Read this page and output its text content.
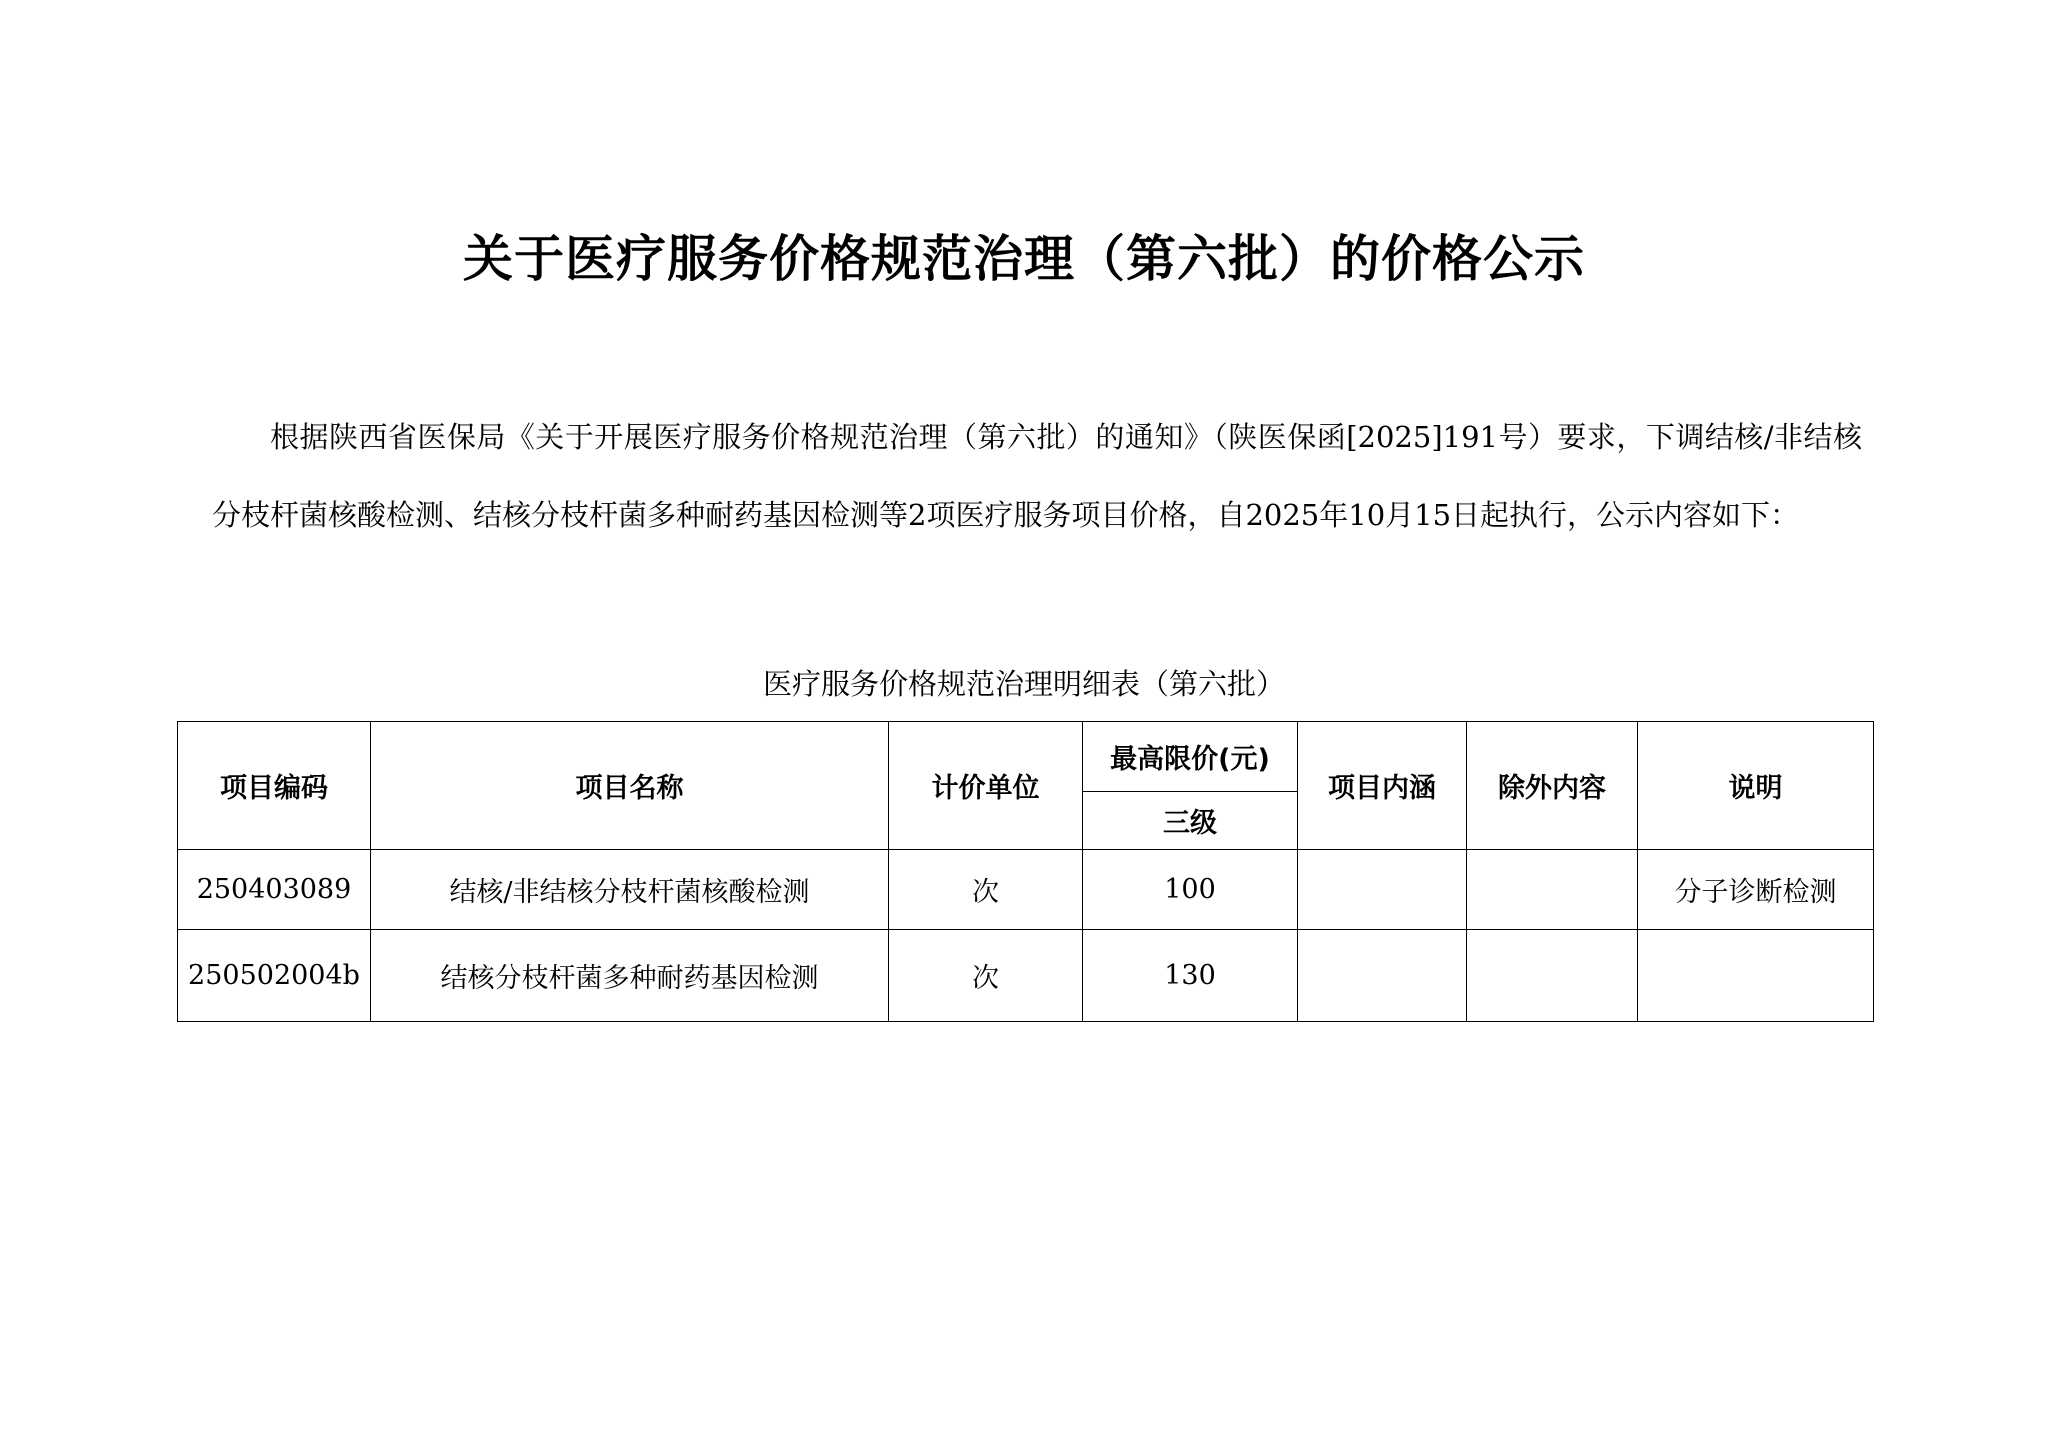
关于医疗服务价格规范治理（第六批）的价格公示

根据陕西省医保局《关于开展医疗服务价格规范治理（第六批）的通知》（陕医保函[2025]191号）要求，下调结核/非结核分枝杆菌核酸检测、结核分枝杆菌多种耐药基因检测等2项医疗服务项目价格，自2025年10月15日起执行，公示内容如下：

医疗服务价格规范治理明细表（第六批）
项目编码	项目名称	计价单位	最高限价(元)	项目内涵	除外内容	说明
			三级			
250403089	结核/非结核分枝杆菌核酸检测	次	100			分子诊断检测
250502004b	结核分枝杆菌多种耐药基因检测	次	130			
